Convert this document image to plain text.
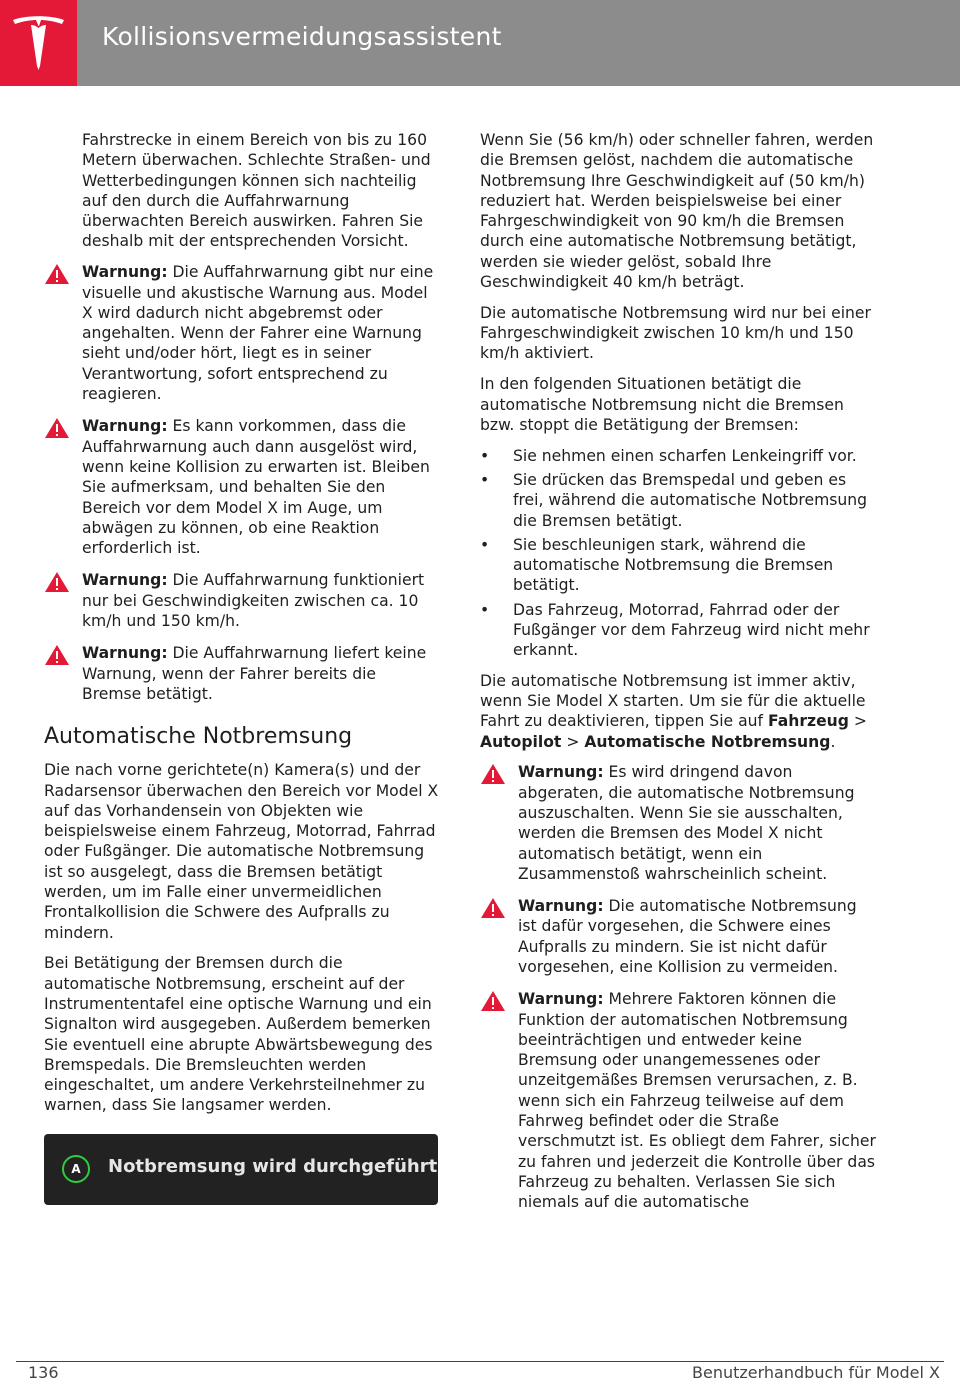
Kollisionsvermeidungsassistent

Fahrstrecke in einem Bereich von bis zu 160 Metern überwachen. Schlechte Straßen- und Wetterbedingungen können sich nachteilig auf den durch die Auffahrwarnung überwachten Bereich auswirken. Fahren Sie deshalb mit der entsprechenden Vorsicht.

Warnung: Die Auffahrwarnung gibt nur eine visuelle und akustische Warnung aus. Model X wird dadurch nicht abgebremst oder angehalten. Wenn der Fahrer eine Warnung sieht und/oder hört, liegt es in seiner Verantwortung, sofort entsprechend zu reagieren.
Warnung: Es kann vorkommen, dass die Auffahrwarnung auch dann ausgelöst wird, wenn keine Kollision zu erwarten ist. Bleiben Sie aufmerksam, und behalten Sie den Bereich vor dem Model X im Auge, um abwägen zu können, ob eine Reaktion erforderlich ist.
Warnung: Die Auffahrwarnung funktioniert nur bei Geschwindigkeiten zwischen ca. 10 km/h und 150 km/h.
Warnung: Die Auffahrwarnung liefert keine Warnung, wenn der Fahrer bereits die Bremse betätigt.
Automatische Notbremsung

Die nach vorne gerichtete(n) Kamera(s) und der Radarsensor überwachen den Bereich vor Model X auf das Vorhandensein von Objekten wie beispielsweise einem Fahrzeug, Motorrad, Fahrrad oder Fußgänger. Die automatische Notbremsung ist so ausgelegt, dass die Bremsen betätigt werden, um im Falle einer unvermeidlichen Frontalkollision die Schwere des Aufpralls zu mindern.

Bei Betätigung der Bremsen durch die automatische Notbremsung, erscheint auf der Instrumententafel eine optische Warnung und ein Signalton wird ausgegeben. Außerdem bemerken Sie eventuell eine abrupte Abwärtsbewegung des Bremspedals. Die Bremsleuchten werden eingeschaltet, um andere Verkehrsteilnehmer zu warnen, dass Sie langsamer werden.

A	Notbremsung wird durchgeführt

Wenn Sie (56 km/h) oder schneller fahren, werden die Bremsen gelöst, nachdem die automatische Notbremsung Ihre Geschwindigkeit auf (50 km/h) reduziert hat. Werden beispielsweise bei einer Fahrgeschwindigkeit von 90 km/h die Bremsen durch eine automatische Notbremsung betätigt, werden sie wieder gelöst, sobald Ihre Geschwindigkeit 40 km/h beträgt.

Die automatische Notbremsung wird nur bei einer Fahrgeschwindigkeit zwischen 10 km/h und 150 km/h aktiviert.

In den folgenden Situationen betätigt die automatische Notbremsung nicht die Bremsen bzw. stoppt die Betätigung der Bremsen:

• Sie nehmen einen scharfen Lenkeingriff vor.
• Sie drücken das Bremspedal und geben es frei, während die automatische Notbremsung die Bremsen betätigt.
• Sie beschleunigen stark, während die automatische Notbremsung die Bremsen betätigt.
• Das Fahrzeug, Motorrad, Fahrrad oder der Fußgänger vor dem Fahrzeug wird nicht mehr erkannt.

Die automatische Notbremsung ist immer aktiv, wenn Sie Model X starten. Um sie für die aktuelle Fahrt zu deaktivieren, tippen Sie auf Fahrzeug > Autopilot > Automatische Notbremsung.

Warnung: Es wird dringend davon abgeraten, die automatische Notbremsung auszuschalten. Wenn Sie sie ausschalten, werden die Bremsen des Model X nicht automatisch betätigt, wenn ein Zusammenstoß wahrscheinlich scheint.
Warnung: Die automatische Notbremsung ist dafür vorgesehen, die Schwere eines Aufpralls zu mindern. Sie ist nicht dafür vorgesehen, eine Kollision zu vermeiden.
Warnung: Mehrere Faktoren können die Funktion der automatischen Notbremsung beeinträchtigen und entweder keine Bremsung oder unangemessenes oder unzeitgemäßes Bremsen verursachen, z. B. wenn sich ein Fahrzeug teilweise auf dem Fahrweg befindet oder die Straße verschmutzt ist. Es obliegt dem Fahrer, sicher zu fahren und jederzeit die Kontrolle über das Fahrzeug zu behalten. Verlassen Sie sich niemals auf die automatische
136	Benutzerhandbuch für Model X
